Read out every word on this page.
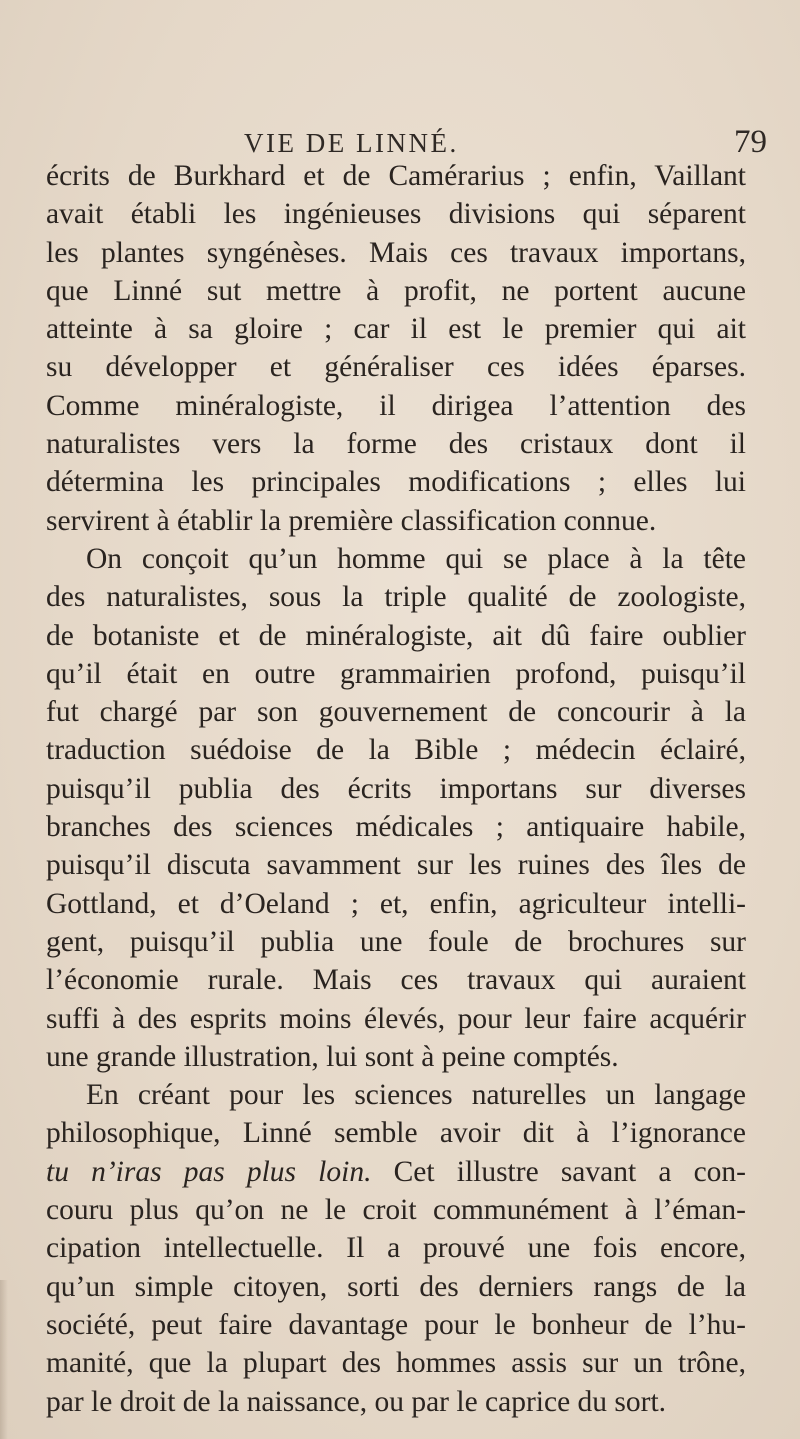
VIE DE LINNÉ.	79
écrits de Burkhard et de Camérarius ; enfin, Vaillant
avait établi les ingénieuses divisions qui séparent
les plantes syngénèses. Mais ces travaux importans,
que Linné sut mettre à profit, ne portent aucune
atteinte à sa gloire ; car il est le premier qui ait
su développer et généraliser ces idées éparses.
Comme minéralogiste, il dirigea l’attention des
naturalistes vers la forme des cristaux dont il
détermina les principales modifications ; elles lui
servirent à établir la première classification connue.
On conçoit qu’un homme qui se place à la tête
des naturalistes, sous la triple qualité de zoologiste,
de botaniste et de minéralogiste, ait dû faire oublier
qu’il était en outre grammairien profond, puisqu’il
fut chargé par son gouvernement de concourir à la
traduction suédoise de la Bible ; médecin éclairé,
puisqu’il publia des écrits importans sur diverses
branches des sciences médicales ; antiquaire habile,
puisqu’il discuta savamment sur les ruines des îles de
Gottland, et d’Oeland ; et, enfin, agriculteur intelli-
gent, puisqu’il publia une foule de brochures sur
l’économie rurale. Mais ces travaux qui auraient
suffi à des esprits moins élevés, pour leur faire acquérir
une grande illustration, lui sont à peine comptés.
En créant pour les sciences naturelles un langage
philosophique, Linné semble avoir dit à l’ignorance
tu n’iras pas plus loin. Cet illustre savant a con-
couru plus qu’on ne le croit communément à l’éman-
cipation intellectuelle. Il a prouvé une fois encore,
qu’un simple citoyen, sorti des derniers rangs de la
société, peut faire davantage pour le bonheur de l’hu-
manité, que la plupart des hommes assis sur un trône,
par le droit de la naissance, ou par le caprice du sort.
